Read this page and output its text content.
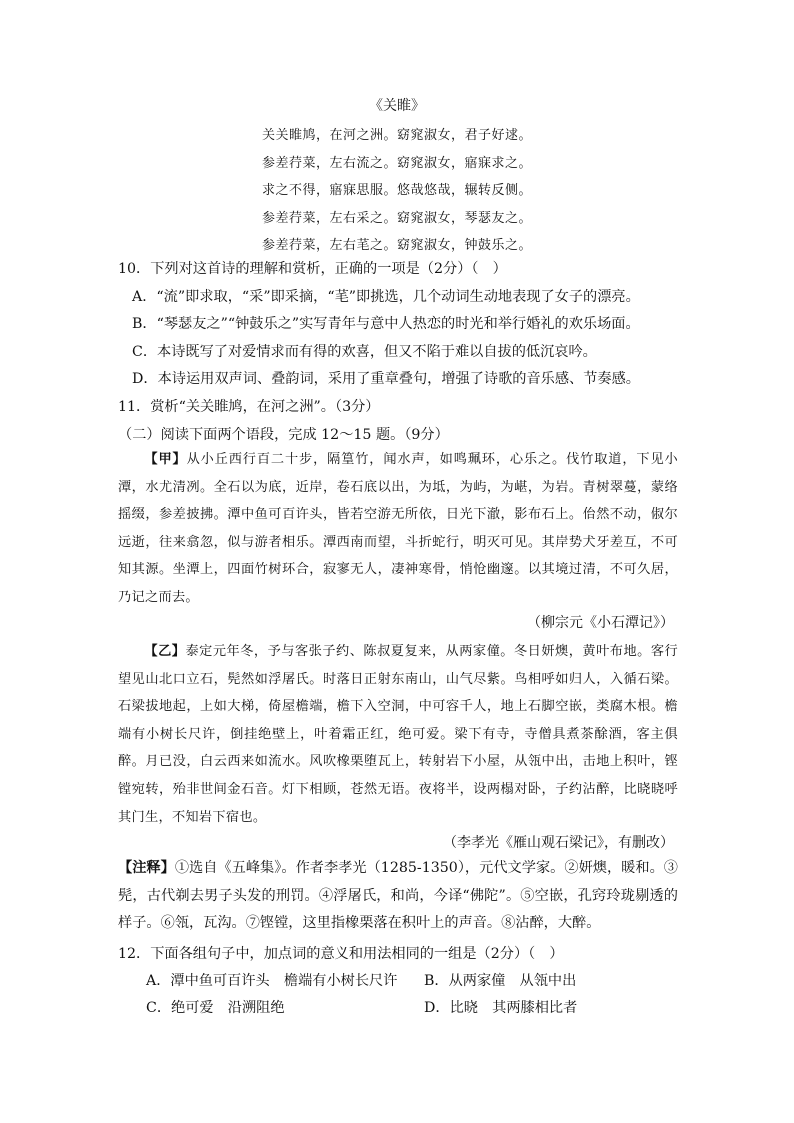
《关睢》
关关睢鸠，在河之洲。窈窕淑女，君子好逑。
参差荇菜，左右流之。窈窕淑女，寤寐求之。
求之不得，寤寐思服。悠哉悠哉，辗转反侧。
参差荇菜，左右采之。窈窕淑女，琴瑟友之。
参差荇菜，左右芼之。窈窕淑女，钟鼓乐之。
10．下列对这首诗的理解和赏析，正确的一项是（2分）（　）
A．“流”即求取，“采”即采摘，“芼”即挑选，几个动词生动地表现了女子的漂亮。
B．“琴瑟友之”“钟鼓乐之”实写青年与意中人热恋的时光和举行婚礼的欢乐场面。
C．本诗既写了对爱情求而有得的欢喜，但又不陷于难以自拔的低沉哀吟。
D．本诗运用双声词、叠韵词，采用了重章叠句，增强了诗歌的音乐感、节奏感。
11．赏析“关关睢鸠，在河之洲”。（3分）
（二）阅读下面两个语段，完成 12～15 题。（9分）
【甲】从小丘西行百二十步，隔篁竹，闻水声，如鸣珮环，心乐之。伐竹取道，下见小潭，水尤清冽。全石以为底，近岸，卷石底以出，为坻，为屿，为嵁，为岩。青树翠蔓，蒙络摇缀，参差披拂。潭中鱼可百许头，皆若空游无所依，日光下澈，影布石上。佁然不动，俶尔远逝，往来翕忽，似与游者相乐。潭西南而望，斗折蛇行，明灭可见。其岸势犬牙差互，不可知其源。坐潭上，四面竹树环合，寂寥无人，凄神寒骨，悄怆幽邃。以其境过清，不可久居，乃记之而去。
（柳宗元《小石潭记》）
【乙】泰定元年冬，予与客张子约、陈叔夏复来，从两家僮。冬日妍燠，黄叶布地。客行望见山北口立石，髡然如浮屠氏。时落日正射东南山，山气尽紫。鸟相呼如归人，入循石梁。石梁拔地起，上如大梯，倚屋檐端，檐下入空洞，中可容千人，地上石脚空嵌，类腐木根。檐端有小树长尺许，倒挂绝壁上，叶着霜正红，绝可爱。梁下有寺，寺僧具煮茶酴酒，客主俱醉。月已没，白云西来如流水。风吹橡栗堕瓦上，转射岩下小屋，从瓴中出，击地上积叶，铿镗宛转，殆非世间金石音。灯下相顾，苍然无语。夜将半，设两榻对卧，子约沾醉，比晓晓呼其门生，不知岩下宿也。
（李孝光《雁山观石梁记》，有删改）
【注释】①选自《五峰集》。作者李孝光（1285-1350），元代文学家。②妍燠，暖和。③髡，古代剃去男子头发的刑罚。④浮屠氏，和尚，今译“佛陀”。⑤空嵌，孔窍玲珑剔透的样子。⑥瓴，瓦沟。⑦铿镗，这里指橡栗落在积叶上的声音。⑧沾醉，大醉。
12．下面各组句子中，加点词的意义和用法相同的一组是（2分）（　）
A．潭中鱼可百许头　檐端有小树长尺许 B．从两家僮　从瓴中出
C．绝可爱　沿溯阻绝	D．比晓　其两膝相比者
